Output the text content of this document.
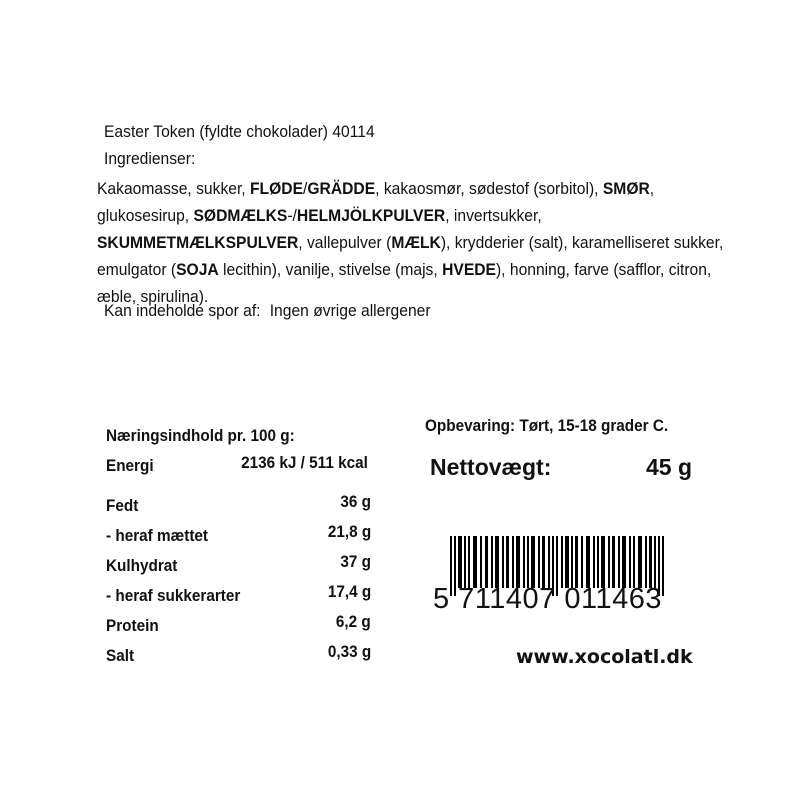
Easter Token (fyldte chokolader) 40114
Ingredienser:
Kakaomasse, sukker, FLØDE/GRÄDDE, kakaosmør, sødestof (sorbitol), SMØR, glukosesirup, SØDMÆLKS-/HELMJÖLKPULVER, invertsukker, SKUMMETMÆLKSPULVER, vallepulver (MÆLK), krydderier (salt), karamelliseret sukker, emulgator (SOJA lecithin), vanilje, stivelse (majs, HVEDE), honning, farve (safflor, citron, æble, spirulina).
Kan indeholde spor af: Ingen øvrige allergener
Næringsindhold pr. 100 g:
Energi	2136 kJ / 511 kcal
Fedt	36 g
- heraf mættet	21,8 g
Kulhydrat	37 g
- heraf sukkerarter	17,4 g
Protein	6,2 g
Salt	0,33 g
Opbevaring: Tørt, 15-18 grader C.
Nettovægt:	45 g
5 711407 011463
www.xocolatl.dk
